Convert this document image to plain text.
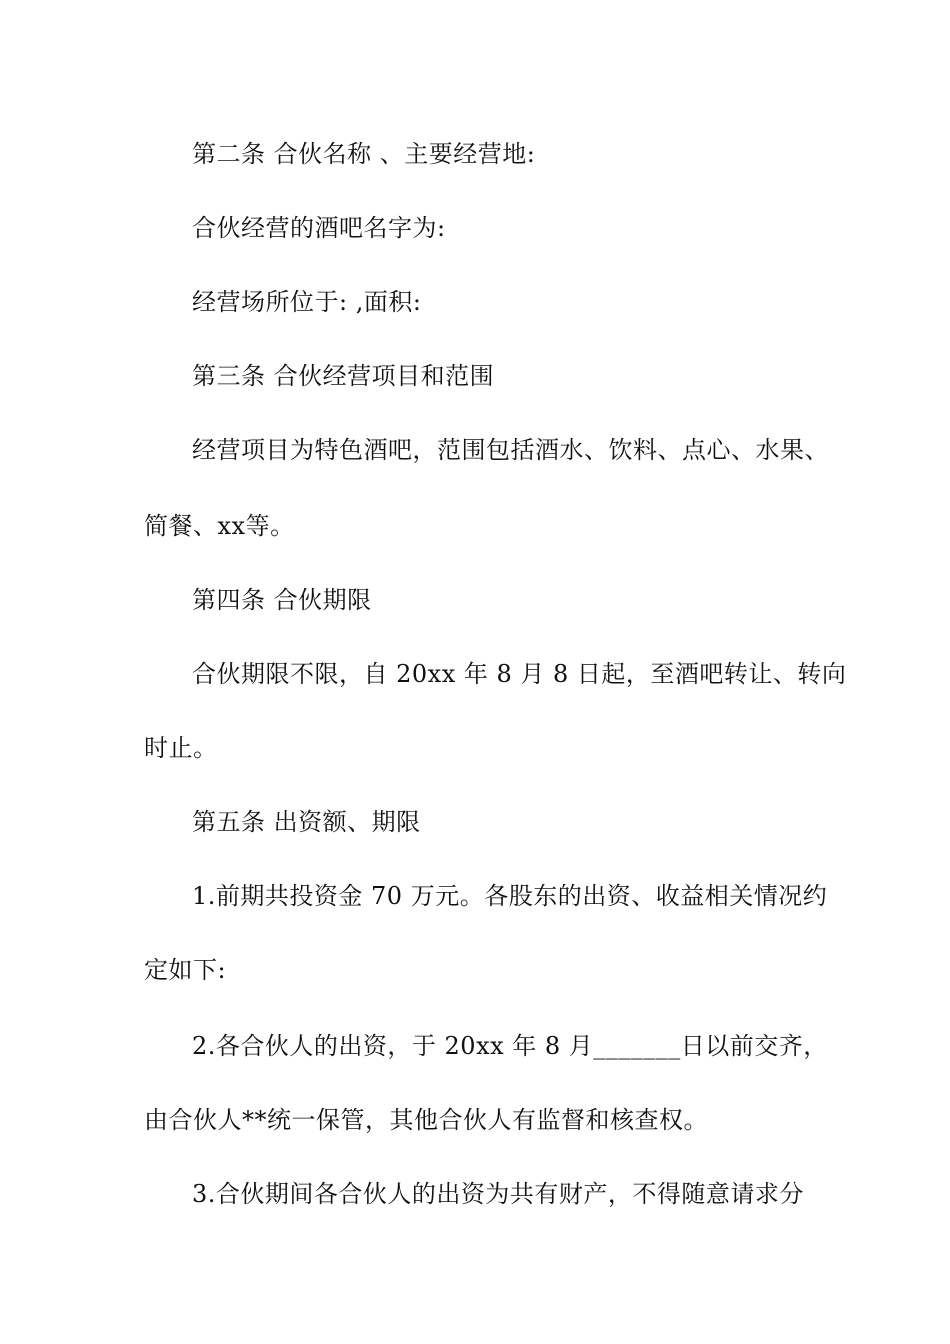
第二条 合伙名称 、主要经营地:
合伙经营的酒吧名字为:
经营场所位于: ,面积:
第三条 合伙经营项目和范围
经营项目为特色酒吧，范围包括酒水、饮料、点心、水果、
简餐、xx等。
第四条 合伙期限
合伙期限不限，自 20xx 年 8 月 8 日起，至酒吧转让、转向
时止。
第五条 出资额、期限
1.前期共投资金 70 万元。各股东的出资、收益相关情况约
定如下:
2.各合伙人的出资，于 20xx 年 8 月_______日以前交齐，
由合伙人**统一保管，其他合伙人有监督和核查权。
3.合伙期间各合伙人的出资为共有财产，不得随意请求分
